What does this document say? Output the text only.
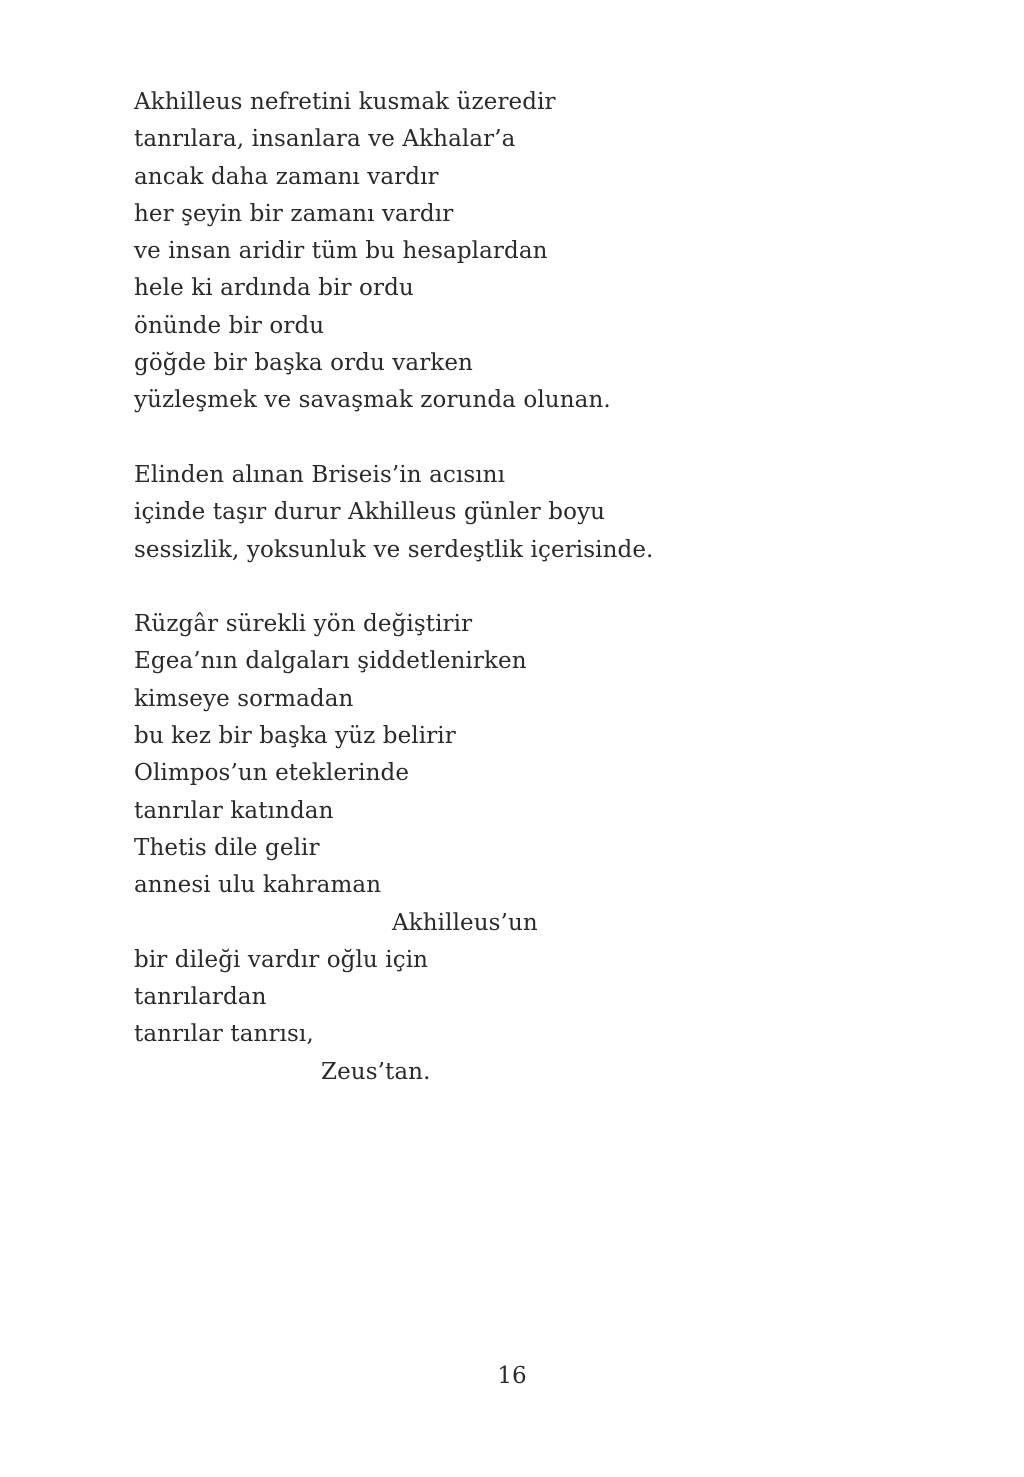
Akhilleus nefretini kusmak üzeredir
tanrılara, insanlara ve Akhalar’a
ancak daha zamanı vardır
her şeyin bir zamanı vardır
ve insan aridir tüm bu hesaplardan
hele ki ardında bir ordu
önünde bir ordu
göğde bir başka ordu varken
yüzleşmek ve savaşmak zorunda olunan.
Elinden alınan Briseis’in acısını
içinde taşır durur Akhilleus günler boyu
sessizlik, yoksunluk ve serdeştlik içerisinde.
Rüzgâr sürekli yön değiştirir
Egea’nın dalgaları şiddetlenirken
kimseye sormadan
bu kez bir başka yüz belirir
Olimpos’un eteklerinde
tanrılar katından
Thetis dile gelir
annesi ulu kahraman
Akhilleus’un
bir dileği vardır oğlu için
tanrılardan
tanrılar tanrısı,
Zeus’tan.
16
